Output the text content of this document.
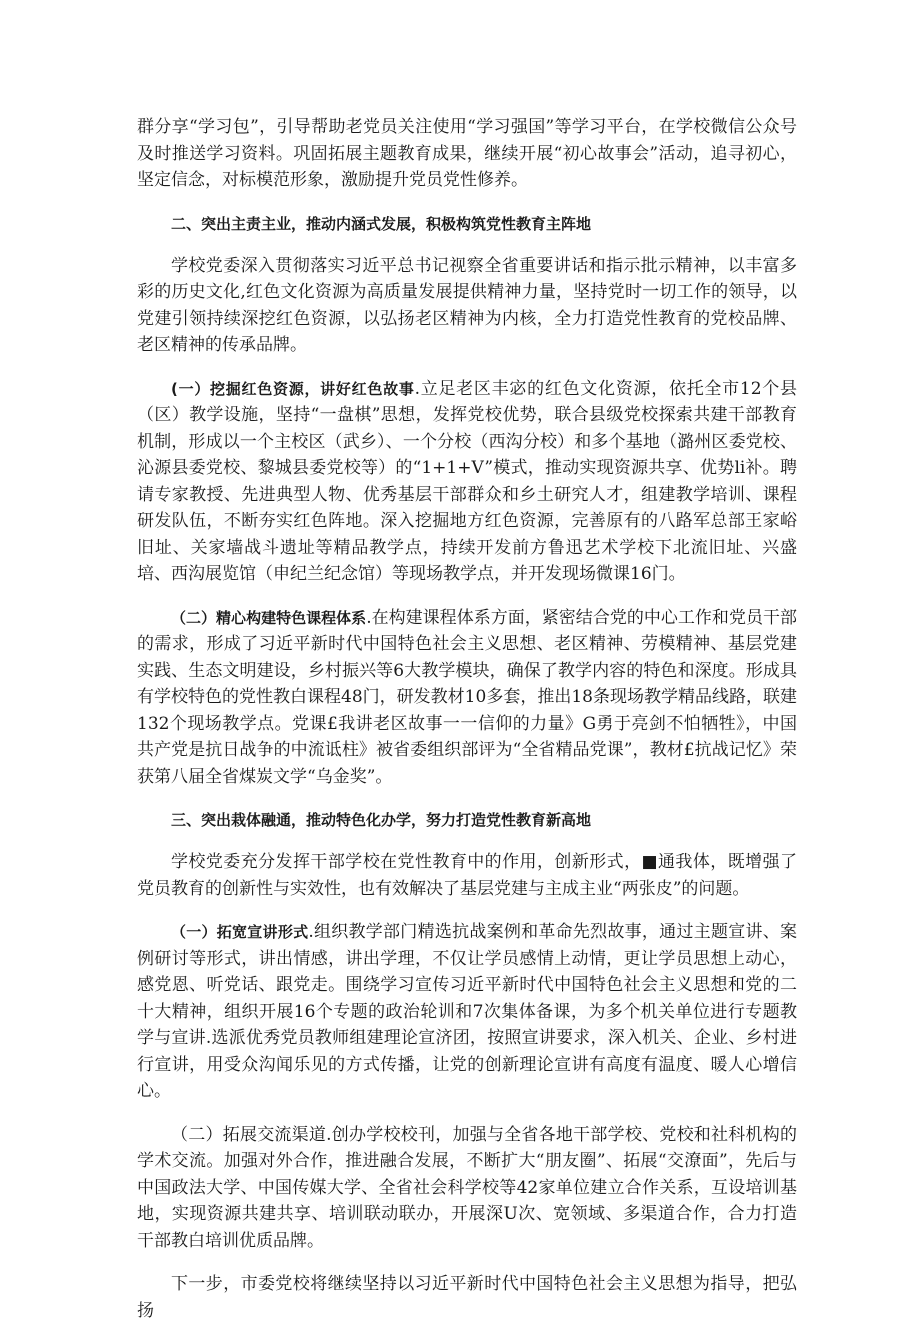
群分享“学习包”，引导帮助老党员关注使用“学习强国”等学习平台，在学校微信公众号及时推送学习资料。巩固拓展主题教育成果，继续开展“初心故事会”活动，追寻初心，坚定信念，对标模范形象，激励提升党员党性修养。

二、突出主责主业，推动内涵式发展，积极构筑党性教育主阵地

学校党委深入贯彻落实习近平总书记视察全省重要讲话和指示批示精神，以丰富多彩的历史文化,红色文化资源为高质量发展提供精神力量，坚持党时一切工作的领导，以党建引领持续深挖红色资源，以弘扬老区精神为内核，全力打造党性教育的党校品牌、老区精神的传承品牌。

(一）挖掘红色资源，讲好红色故事.立足老区丰宓的红色文化资源，依托全市12个县（区）教学设施，坚持“一盘棋”思想，发挥党校优势，联合县级党校探索共建干部教育机制，形成以一个主校区（武乡）、一个分校（西沟分校）和多个基地（潞州区委党校、沁源县委党校、黎城县委党校等）的“1+1+V”模式，推动实现资源共享、优势li补。聘请专家教授、先进典型人物、优秀基层干部群众和乡土研究人才，组建教学培训、课程研发队伍，不断夯实红色阵地。深入挖掘地方红色资源，完善原有的八路军总部王家峪旧址、关家墙战斗遗址等精品教学点，持续开发前方鲁迅艺术学校下北流旧址、兴盛培、西沟展览馆（申纪兰纪念馆）等现场教学点，并开发现场微课16门。

（二）精心构建特色课程体系.在构建课程体系方面，紧密结合党的中心工作和党员干部的需求，形成了习近平新时代中国特色社会主义思想、老区精神、劳模精神、基层党建实践、生态文明建设，乡村振兴等6大教学模块，确保了教学内容的特色和深度。形成具有学校特色的党性教白课程48门，研发教材10多套，推出18条现场教学精品线路，联建132个现场教学点。党课£我讲老区故事一一信仰的力量》G勇于亮剑不怕牺牲》，中国共产党是抗日战争的中流诋柱》被省委组织部评为“全省精品党课”，教材£抗战记忆》荣获第八届全省煤炭文学“乌金奖”。

三、突出栽体融通，推动特色化办学，努力打造党性教育新高地

学校党委充分发挥干部学校在党性教育中的作用，创新形式，■通我体，既增强了党员教育的创新性与实效性，也有效解决了基层党建与主成主业“两张皮”的问题。

（一）拓宽宣讲形式.组织教学部门精选抗战案例和革命先烈故事，通过主题宣讲、案例研讨等形式，讲出情感，讲出学理，不仅让学员感情上动情，更让学员思想上动心，感党恩、听党话、跟党走。围绕学习宣传习近平新时代中国特色社会主义思想和党的二十大精神，组织开展16个专题的政治轮训和7次集体备课，为多个机关单位进行专题教学与宣讲.选派优秀党员教师组建理论宣济团，按照宣讲要求，深入机关、企业、乡村进行宣讲，用受众沟闻乐见的方式传播，让党的创新理论宣讲有高度有温度、暖人心增信心。

（二）拓展交流渠道.创办学校校刊，加强与全省各地干部学校、党校和社科机构的学术交流。加强对外合作，推进融合发展，不断扩大“朋友圈”、拓展“交潦面”，先后与中国政法大学、中国传媒大学、全省社会科学校等42家单位建立合作关系，互设培训基地，实现资源共建共享、培训联动联办，开展深U次、宽领域、多渠道合作，合力打造干部教白培训优质品牌。

下一步，市委党校将继续坚持以习近平新时代中国特色社会主义思想为指导，把弘扬
